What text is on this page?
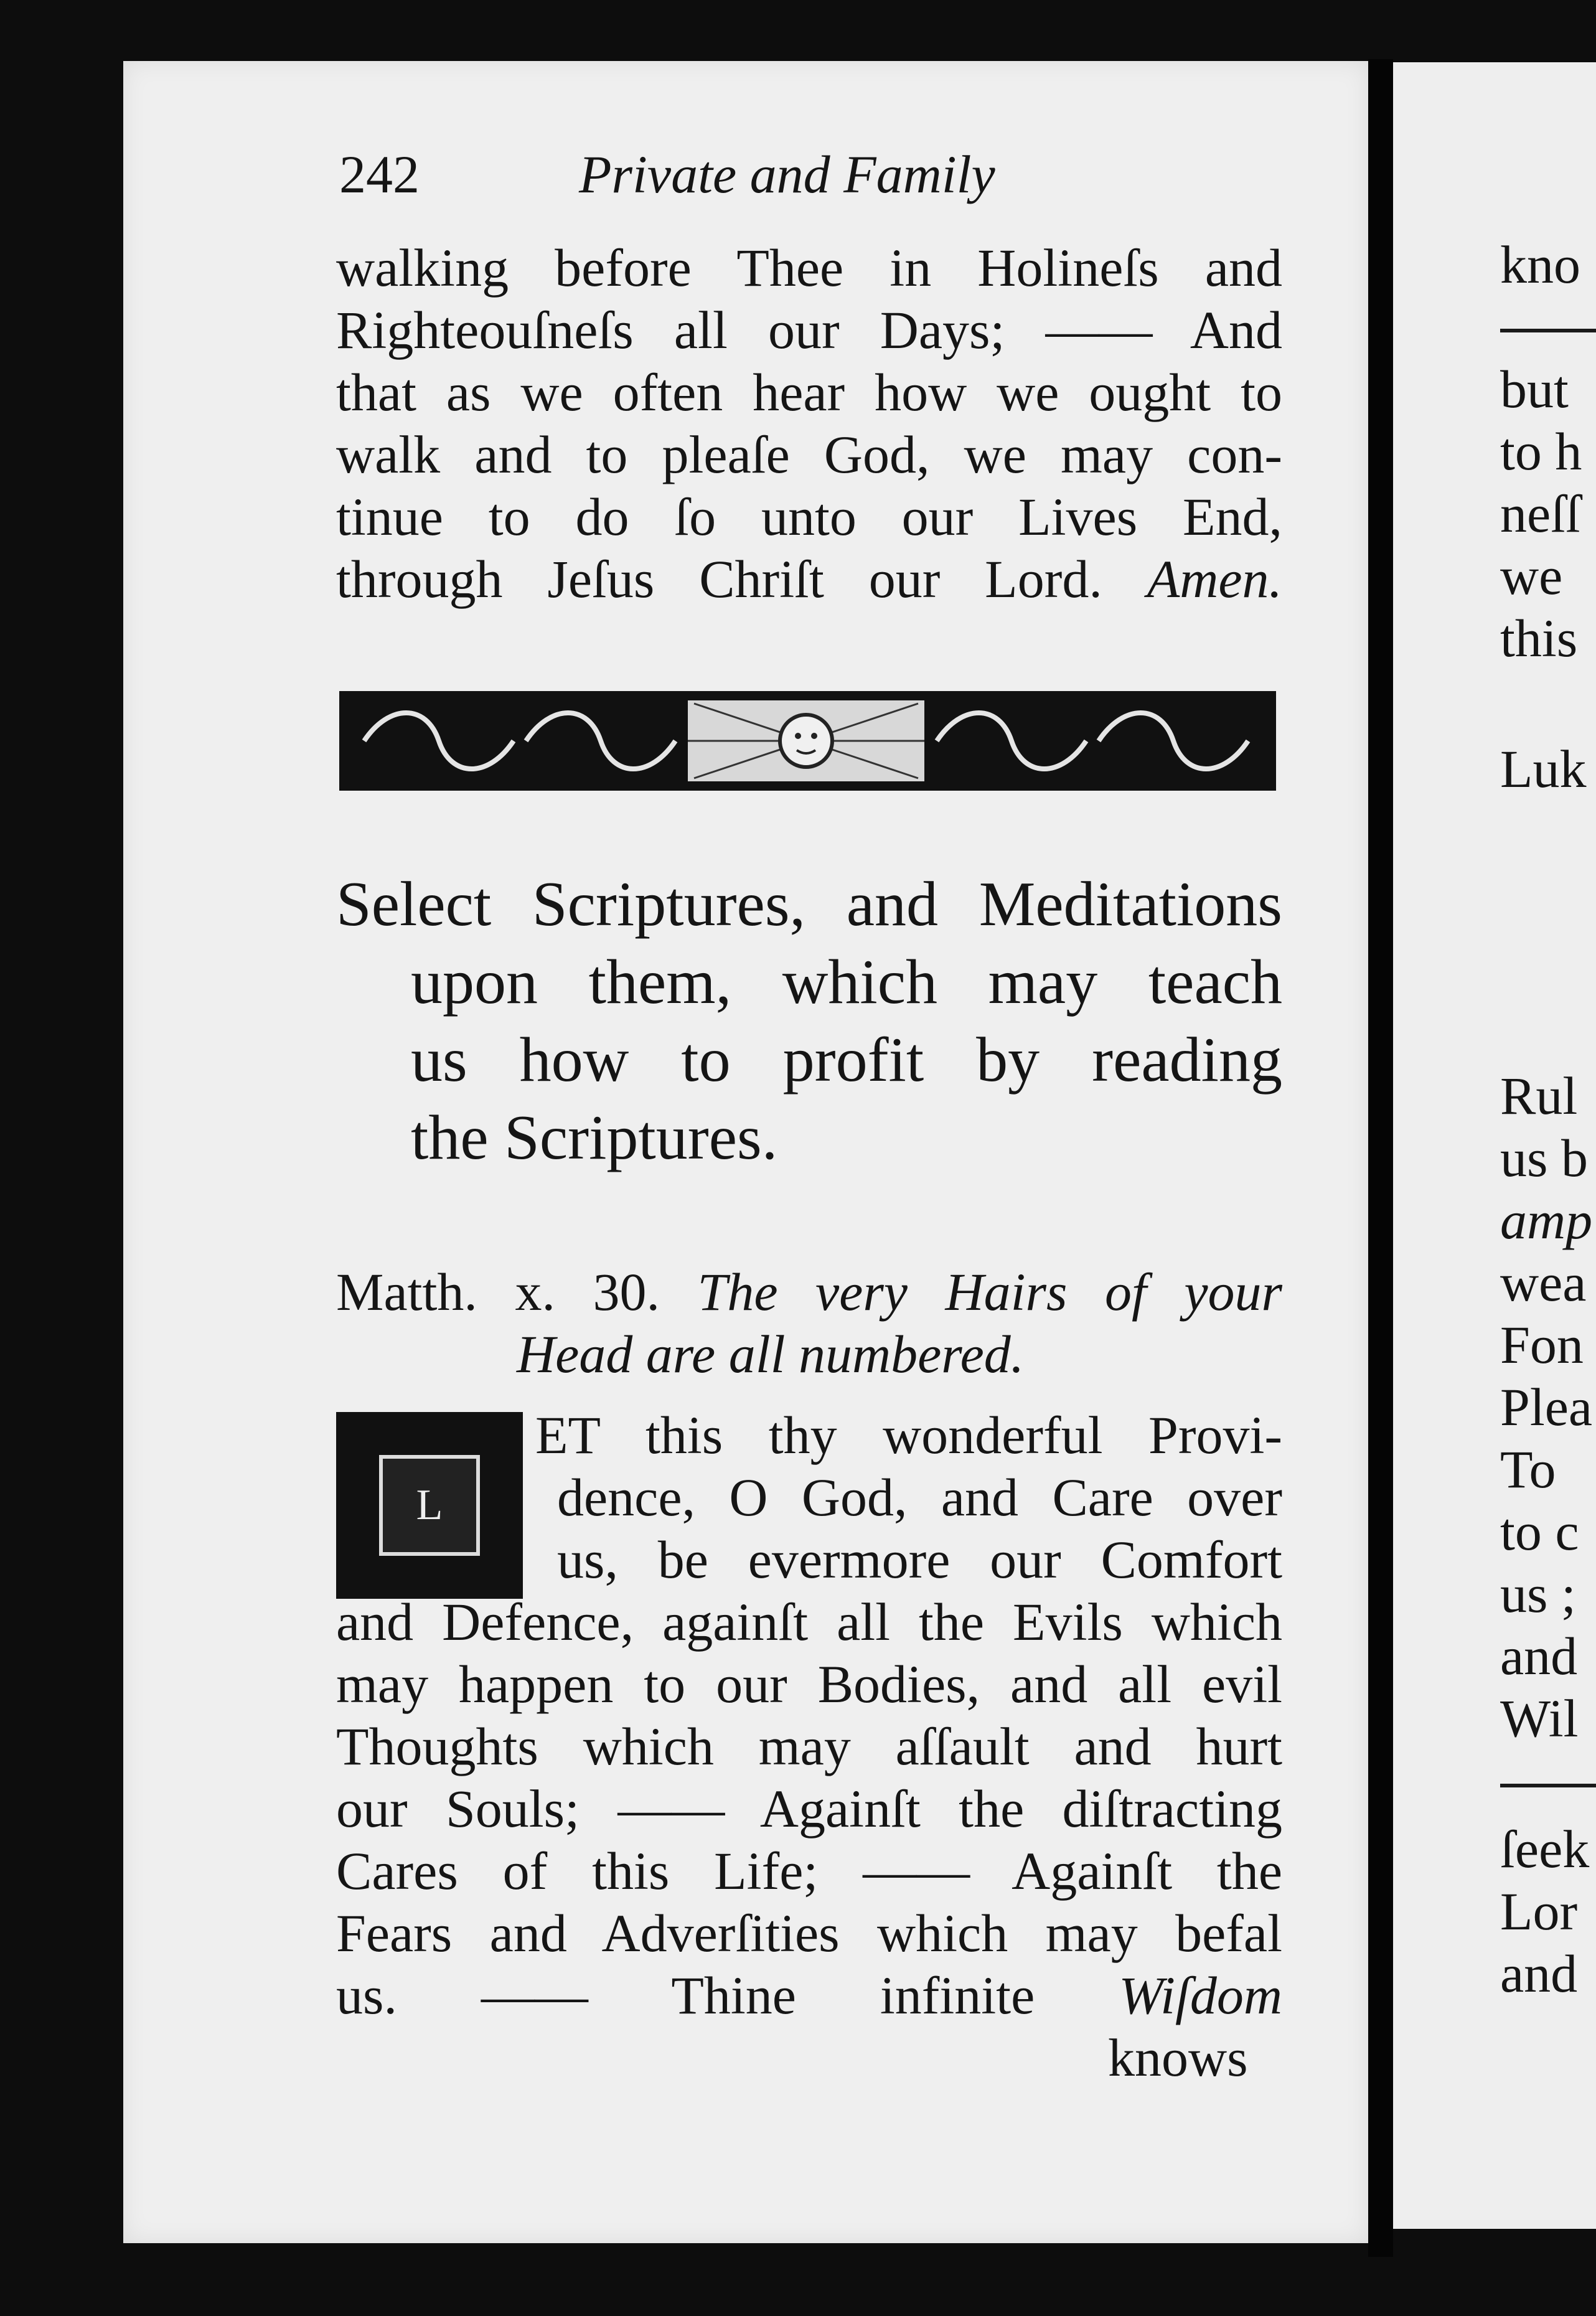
242	Private and Family
walking before Thee in Holineſs and
Righteouſneſs all our Days; —— And
that as we often hear how we ought to
walk and to pleaſe God, we may con-
tinue to do ſo unto our Lives End,
through Jeſus Chriſt our Lord. Amen.
Select Scriptures, and Meditations
upon them, which may teach
us how to profit by reading
the Scriptures.
Matth. x. 30. The very Hairs of your
Head are all numbered.
L
ET this thy wonderful Provi-
dence, O God, and Care over
us, be evermore our Comfort
and Defence, againſt all the Evils which
may happen to our Bodies, and all evil
Thoughts which may aſſault and hurt
our Souls; —— Againſt the diſtracting
Cares of this Life; —— Againſt the
Fears and Adverſities which may befal
us. —— Thine infinite Wiſdom
knows
kno
but
to h
neſſ
we
this
Luk
Rul
us b
amp
wea
Fon
Plea
To
to c
us ;
and
Wil
ſeek
Lor
and
